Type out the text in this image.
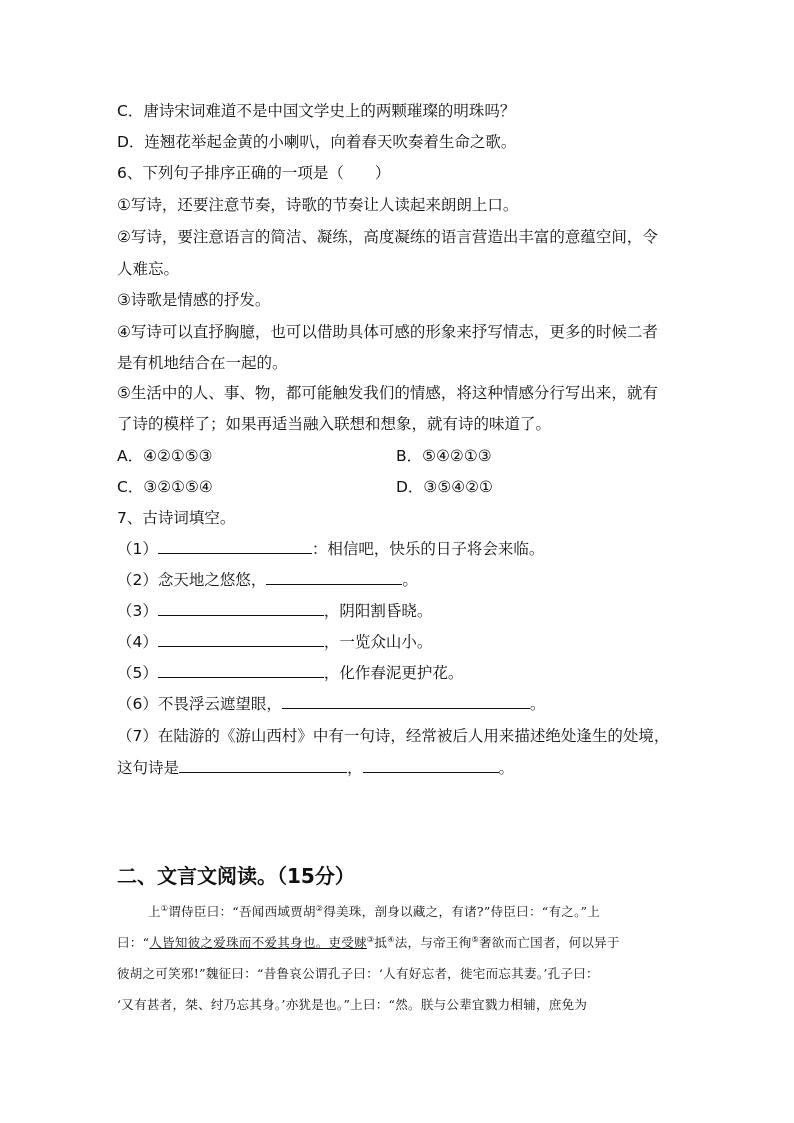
C．唐诗宋词难道不是中国文学史上的两颗璀璨的明珠吗？
D．连翘花举起金黄的小喇叭，向着春天吹奏着生命之歌。
6、下列句子排序正确的一项是（　　）
①写诗，还要注意节奏，诗歌的节奏让人读起来朗朗上口。
②写诗，要注意语言的简洁、凝练，高度凝练的语言营造出丰富的意蕴空间，令
人难忘。
③诗歌是情感的抒发。
④写诗可以直抒胸臆，也可以借助具体可感的形象来抒写情志，更多的时候二者
是有机地结合在一起的。
⑤生活中的人、事、物，都可能触发我们的情感，将这种情感分行写出来，就有
了诗的模样了；如果再适当融入联想和想象，就有诗的味道了。
A．④②①⑤③	B．⑤④②①③
C．③②①⑤④	D．③⑤④②①
7、古诗词填空。
（1）	：相信吧，快乐的日子将会来临。
（2）念天地之悠悠，	。
（3）	，阴阳割昏晓。
（4）	，一览众山小。
（5）	，化作春泥更护花。
（6）不畏浮云遮望眼，	。
（7）在陆游的《游山西村》中有一句诗，经常被后人用来描述绝处逢生的处境，
这句诗是	，	。
二、文言文阅读。（15分）
上①谓侍臣曰：“吾闻西域贾胡②得美珠，剖身以藏之，有诸?”侍臣曰：“有之。”上
曰：“人皆知彼之爱珠而不爱其身也。吏受赇③抵④法，与帝王徇⑤奢欲而亡国者，何以异于
彼胡之可笑邪!”魏征曰：“昔鲁哀公谓孔子曰：‘人有好忘者，徙宅而忘其妻。’孔子曰：
‘又有甚者，桀、纣乃忘其身。’亦犹是也。”上曰：“然。朕与公辈宜戮力相辅，庶免为
